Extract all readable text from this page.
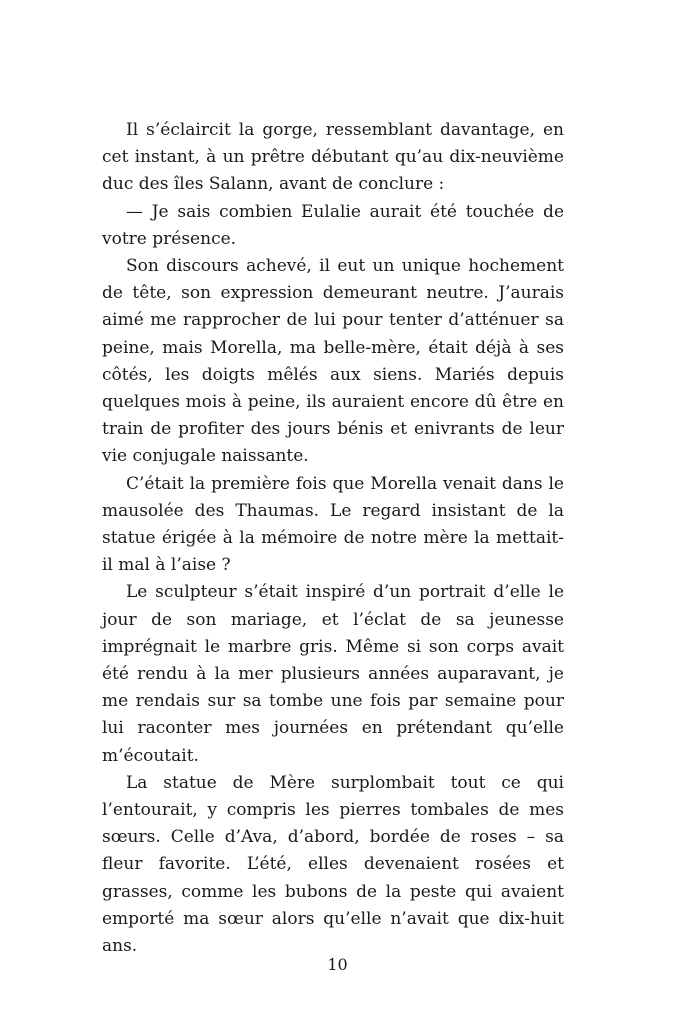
Il s’éclaircit la gorge, ressemblant davantage, en cet instant, à un prêtre débutant qu’au dix-neuvième duc des îles Salann, avant de conclure :

— Je sais combien Eulalie aurait été touchée de votre présence.

Son discours achevé, il eut un unique hochement de tête, son expression demeurant neutre. J’aurais aimé me rapprocher de lui pour tenter d’atténuer sa peine, mais Morella, ma belle-mère, était déjà à ses côtés, les doigts mêlés aux siens. Mariés depuis quelques mois à peine, ils auraient encore dû être en train de profiter des jours bénis et enivrants de leur vie conjugale naissante.

C’était la première fois que Morella venait dans le mausolée des Thaumas. Le regard insistant de la statue érigée à la mémoire de notre mère la mettait-il mal à l’aise ?

Le sculpteur s’était inspiré d’un portrait d’elle le jour de son mariage, et l’éclat de sa jeunesse imprégnait le marbre gris. Même si son corps avait été rendu à la mer plusieurs années auparavant, je me rendais sur sa tombe une fois par semaine pour lui raconter mes journées en prétendant qu’elle m’écoutait.

La statue de Mère surplombait tout ce qui l’entourait, y compris les pierres tombales de mes sœurs. Celle d’Ava, d’abord, bordée de roses – sa fleur favorite. L’été, elles devenaient rosées et grasses, comme les bubons de la peste qui avaient emporté ma sœur alors qu’elle n’avait que dix-huit ans.

10
